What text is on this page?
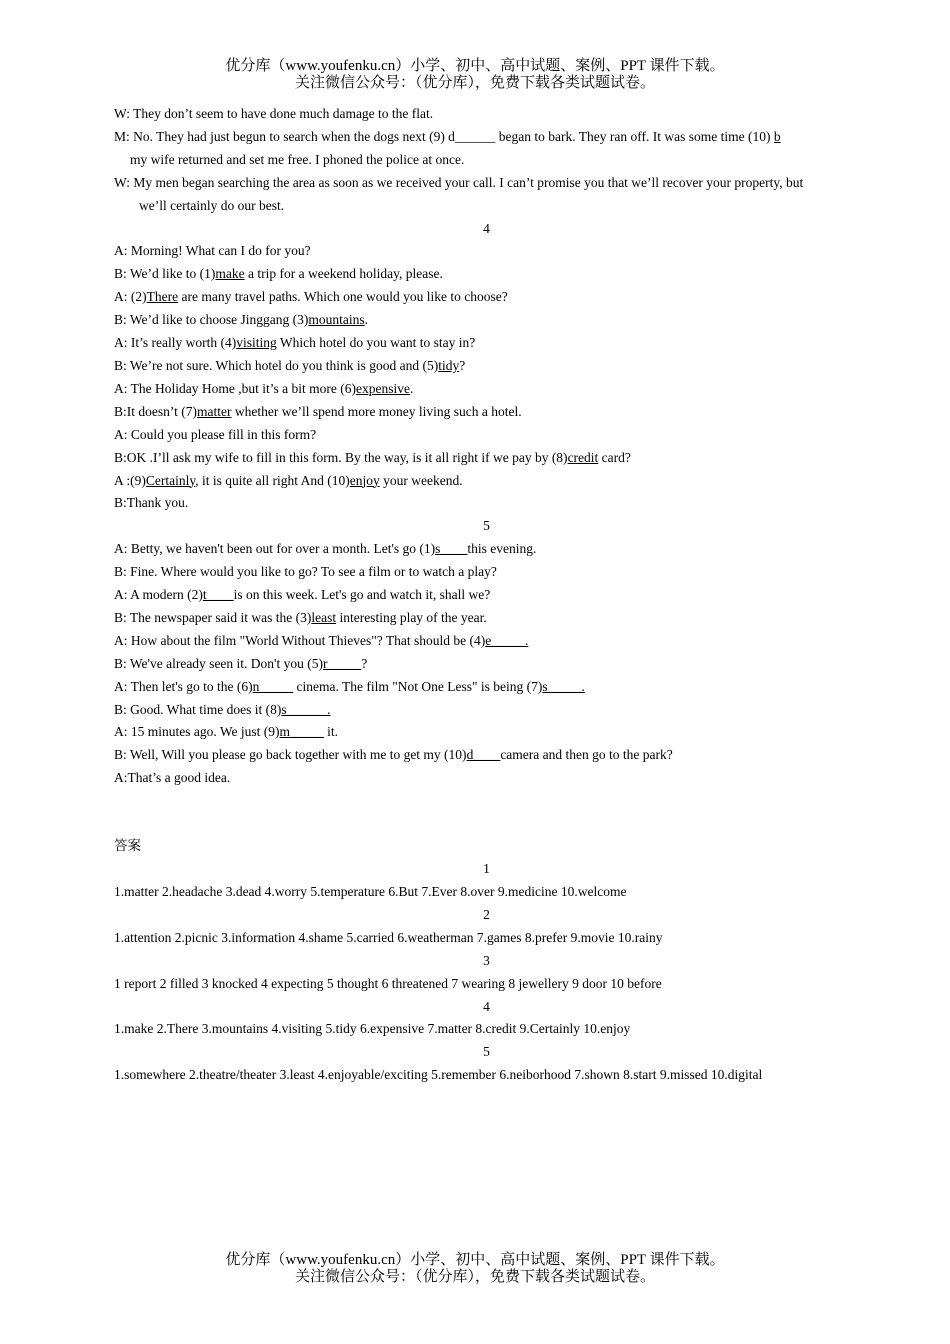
优分库（www.youfenku.cn）小学、初中、高中试题、案例、PPT 课件下载。
关注微信公众号：（优分库），免费下载各类试题试卷。
W: They don’t seem to have done much damage to the flat.
M: No. They had just begun to search when the dogs next (9) d______ began to bark. They ran off. It was some time (10) b
my wife returned and set me free. I phoned the police at once.
W: My men began searching the area as soon as we received your call. I can’t promise you that we’ll recover your property, but
we’ll certainly do our best.
4
A: Morning! What can I do for you?
B: We’d like to (1)make a trip for a weekend holiday, please.
A: (2)There are many travel paths. Which one would you like to choose?
B: We’d like to choose Jinggang (3)mountains.
A: It’s really worth (4)visiting Which hotel do you want to stay in?
B: We’re not sure. Which hotel do you think is good and (5)tidy?
A: The Holiday Home ,but it’s a bit more (6)expensive.
B:It doesn’t (7)matter whether we’ll spend more money living such a hotel.
A: Could you please fill in this form?
B:OK .I’ll ask my wife to fill in this form. By the way, is it all right if we pay by (8)credit card?
A :(9)Certainly, it is quite all right And (10)enjoy your weekend.
B:Thank you.
5
A: Betty, we haven't been out for over a month. Let's go (1)s____this evening.
B: Fine. Where would you like to go? To see a film or to watch a play?
A: A modern (2)t____is on this week. Let's go and watch it, shall we?
B: The newspaper said it was the (3)least interesting play of the year.
A: How about the film "World Without Thieves"? That should be (4)e_____.
B: We've already seen it. Don't you (5)r_____?
A: Then let's go to the (6)n_____ cinema. The film "Not One Less" is being (7)s_____.
B: Good. What time does it (8)s______.
A: 15 minutes ago. We just (9)m_____ it.
B: Well, Will you please go back together with me to get my (10)d____camera and then go to the park?
A:That’s a good idea.
答案
1
1.matter 2.headache 3.dead 4.worry 5.temperature 6.But 7.Ever 8.over 9.medicine 10.welcome
2
1.attention 2.picnic 3.information 4.shame 5.carried 6.weatherman 7.games 8.prefer 9.movie 10.rainy
3
1 report 2 filled 3 knocked 4 expecting 5 thought 6 threatened 7 wearing 8 jewellery 9 door 10 before
4
1.make 2.There 3.mountains 4.visiting 5.tidy 6.expensive 7.matter 8.credit 9.Certainly 10.enjoy
5
1.somewhere 2.theatre/theater 3.least 4.enjoyable/exciting 5.remember 6.neiborhood 7.shown 8.start 9.missed 10.digital
优分库（www.youfenku.cn）小学、初中、高中试题、案例、PPT 课件下载。
关注微信公众号：（优分库），免费下载各类试题试卷。
